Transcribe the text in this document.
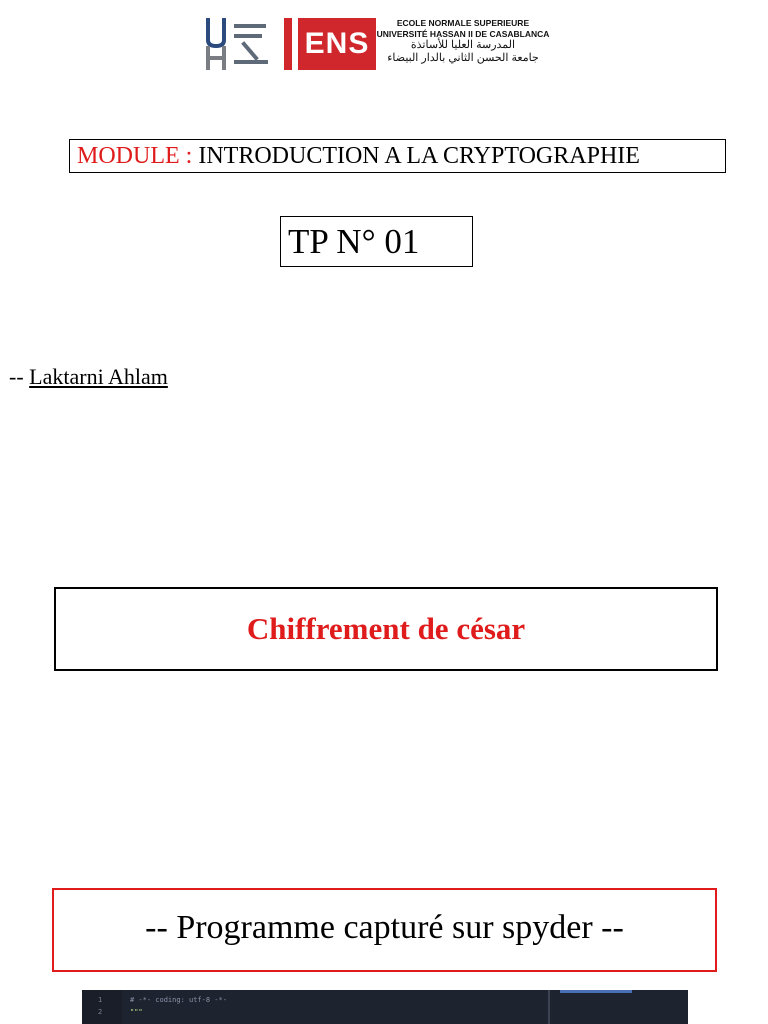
ENS
ECOLE NORMALE SUPERIEURE
UNIVERSITÉ HASSAN II DE CASABLANCA
المدرسة العليا للأساتذة
جامعة الحسن الثاني بالدار البيضاء
MODULE : INTRODUCTION A LA CRYPTOGRAPHIE
TP N° 01
-- Laktarni Ahlam
Chiffrement de césar
-- Programme capturé sur spyder --
1
2
# -*- coding: utf-8 -*-
"""
